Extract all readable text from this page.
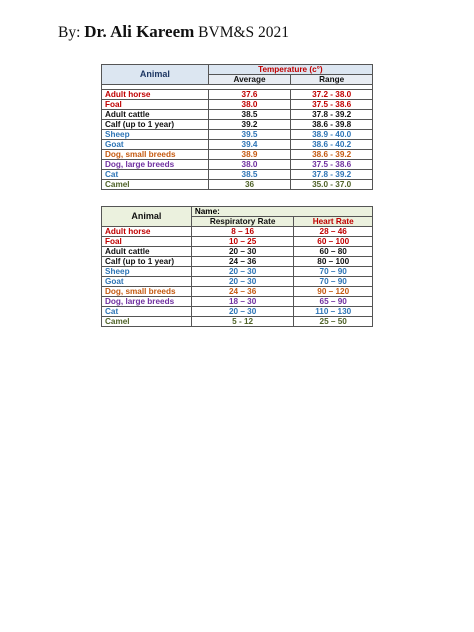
By: Dr. Ali Kareem BVM&S 2021
Animal	Temperature (c°)	
	Average	Range

Adult horse	37.6	37.2 - 38.0
Foal	38.0	37.5 - 38.6
Adult cattle	38.5	37.8 - 39.2
Calf (up to 1 year)	39.2	38.6 - 39.8
Sheep	39.5	38.9 - 40.0
Goat	39.4	38.6 - 40.2
Dog, small breeds	38.9	38.6 - 39.2
Dog, large breeds	38.0	37.5 - 38.6
Cat	38.5	37.8 - 39.2
Camel	36	35.0 - 37.0
Animal	Name:	
	Respiratory Rate	Heart Rate
Adult horse	8 – 16	28 – 46
Foal	10 – 25	60 – 100
Adult cattle	20 – 30	60 – 80
Calf (up to 1 year)	24 – 36	80 – 100
Sheep	20 – 30	70 – 90
Goat	20 – 30	70 – 90
Dog, small breeds	24 – 36	90 – 120
Dog, large breeds	18 – 30	65 – 90
Cat	20 – 30	110 – 130
Camel	5 - 12	25 – 50
